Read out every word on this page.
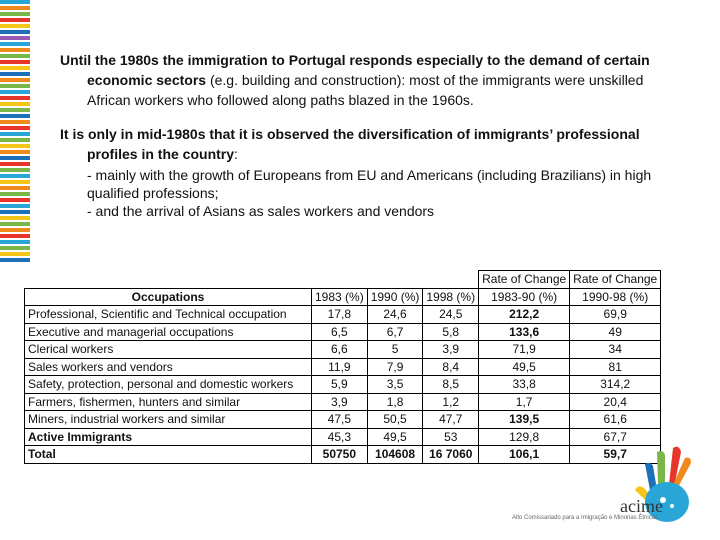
Until the 1980s the immigration to Portugal responds especially to the demand of certain economic sectors (e.g. building and construction): most of the immigrants were unskilled African workers who followed along paths blazed in the 1960s.

It is only in mid-1980s that it is observed the diversification of immigrants’ professional profiles in the country:

- mainly with the growth of Europeans from EU and Americans (including Brazilians) in high qualified professions;
- and the arrival of Asians as sales workers and vendors
				Rate of Change	Rate of Change
Occupations	1983 (%)	1990 (%)	1998 (%)	1983-90 (%)	1990-98 (%)
Professional, Scientific and Technical occupation	17,8	24,6	24,5	212,2	69,9
Executive and managerial occupations	6,5	6,7	5,8	133,6	49
Clerical workers	6,6	5	3,9	71,9	34
Sales workers and vendors	11,9	7,9	8,4	49,5	81
Safety, protection, personal and domestic workers	5,9	3,5	8,5	33,8	314,2
Farmers, fishermen, hunters and similar	3,9	1,8	1,2	1,7	20,4
Miners, industrial workers and similar	47,5	50,5	47,7	139,5	61,6
Active Immigrants	45,3	49,5	53	129,8	67,7
Total	50750	104608	16 7060	106,1	59,7
acime
Alto Comissariado para a Imigração e Minorias Étnicas
